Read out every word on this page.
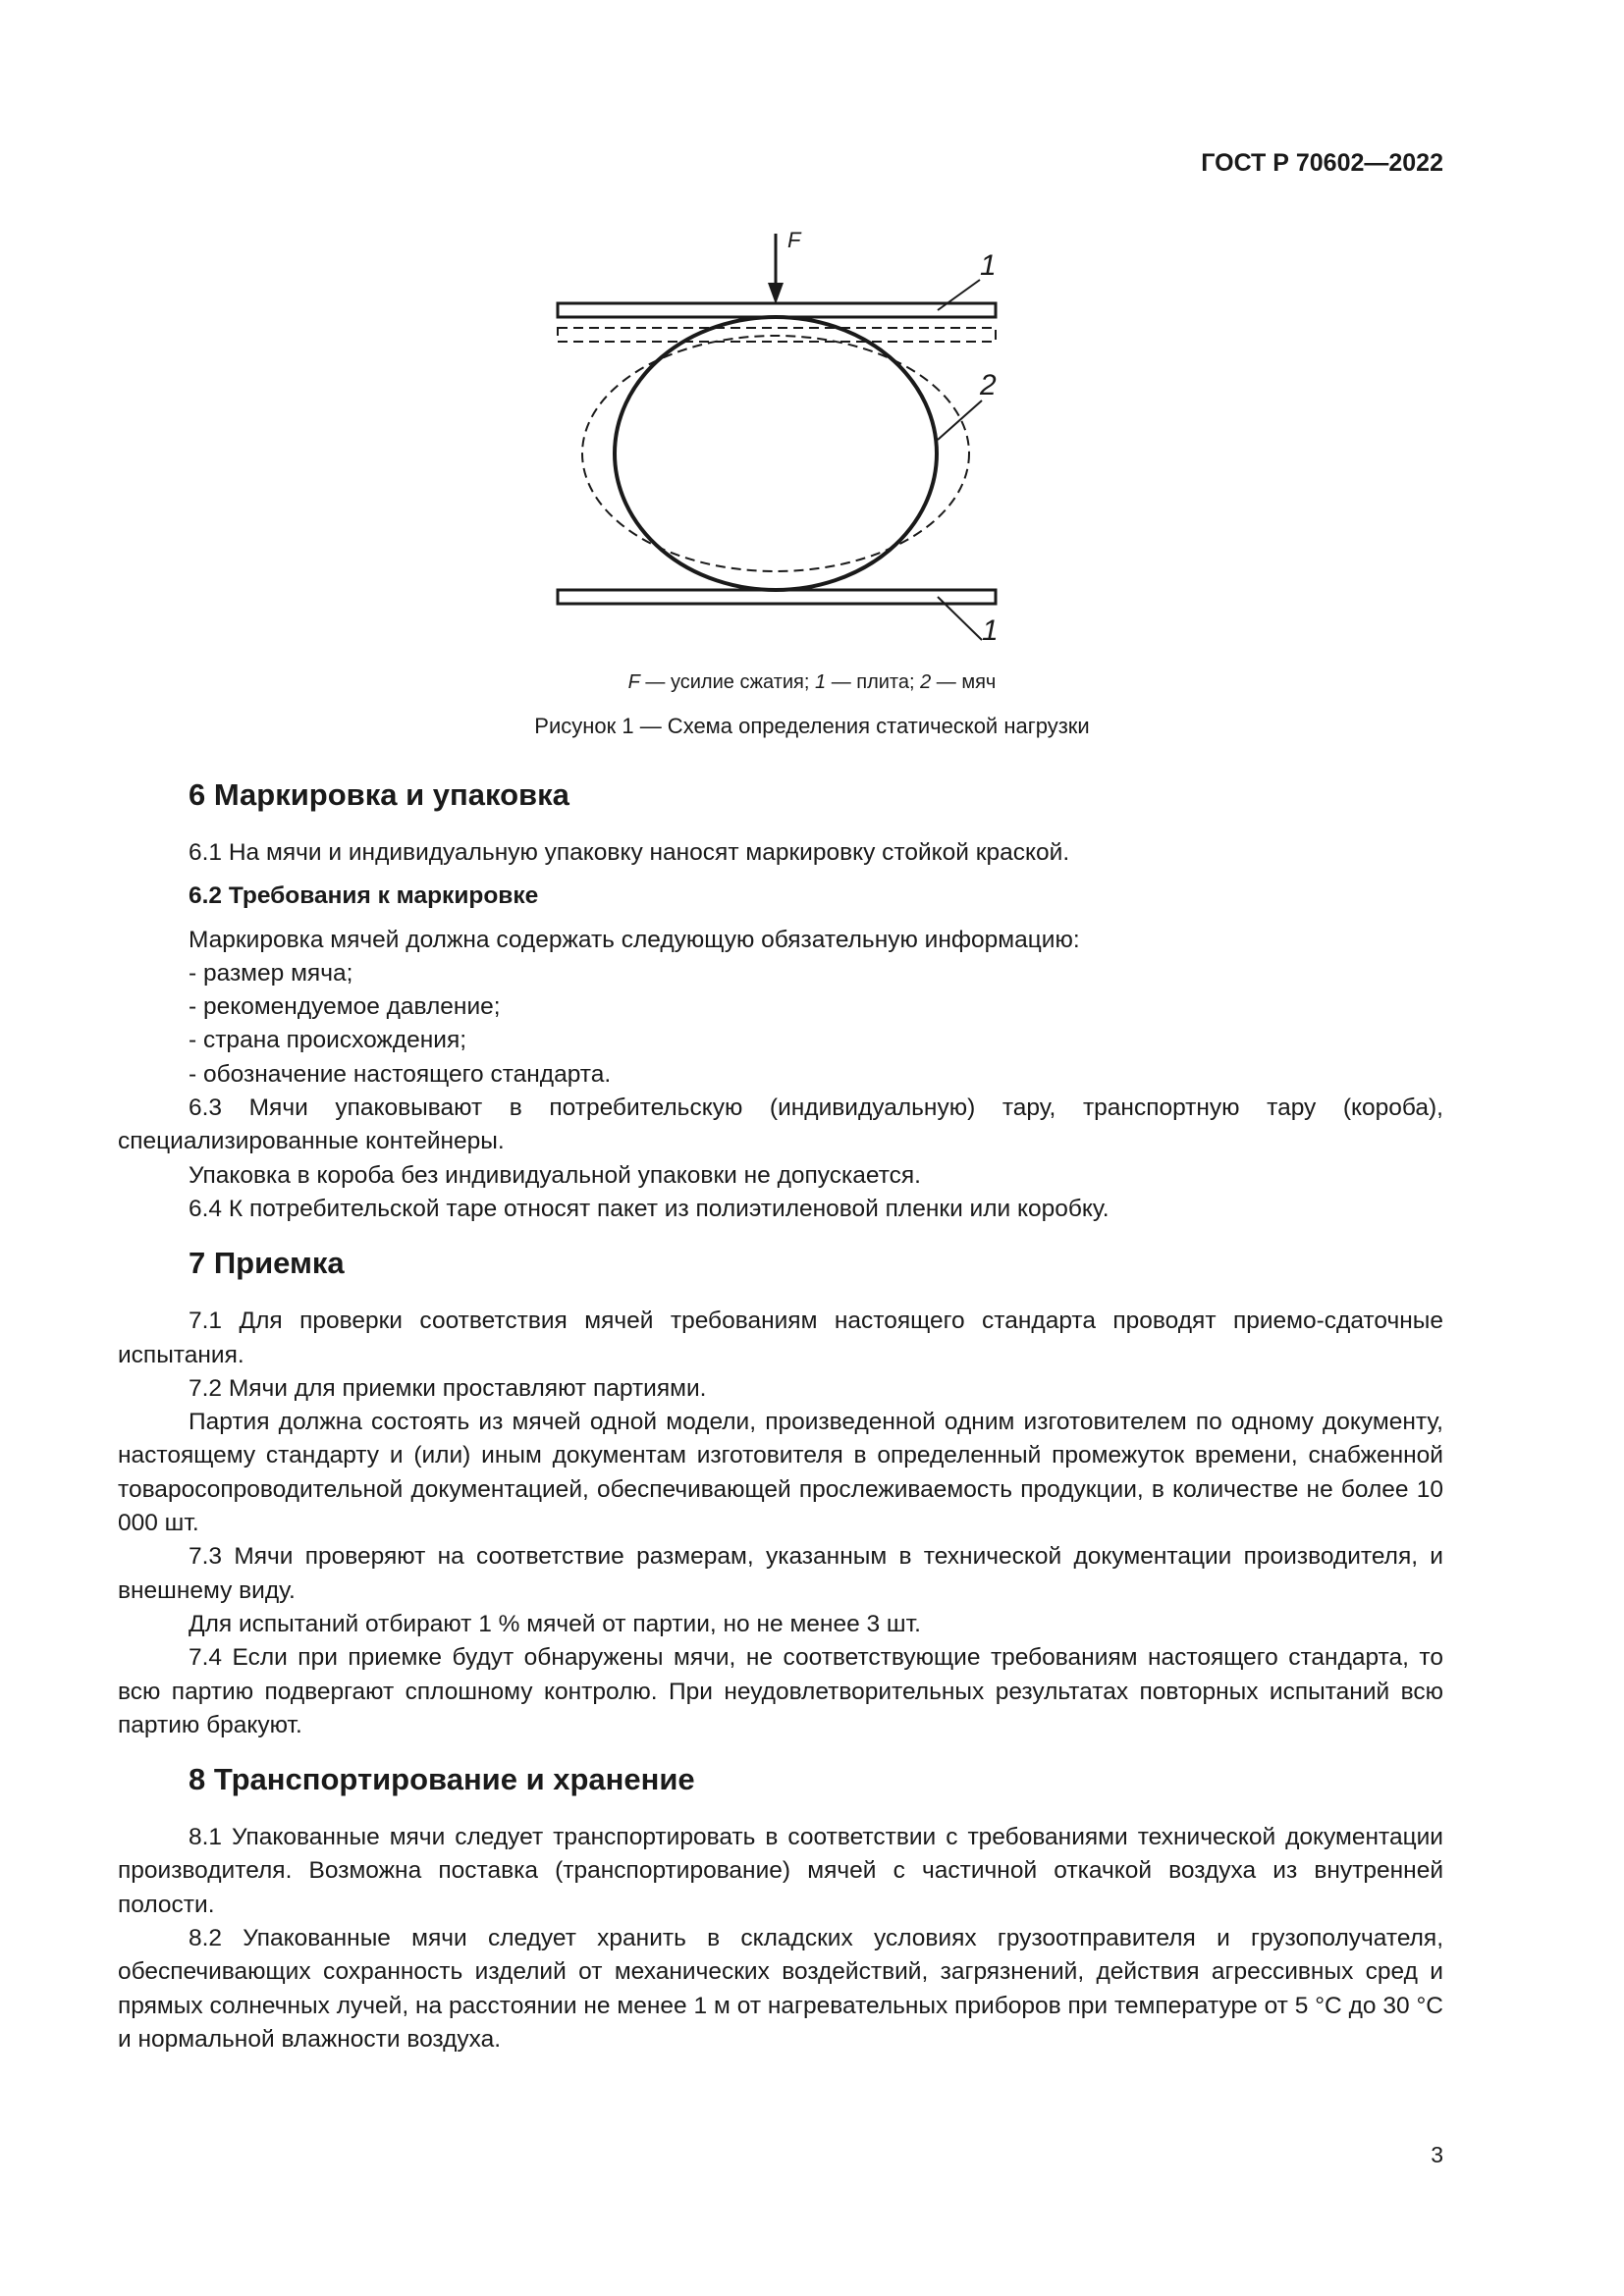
ГОСТ Р 70602—2022
F
1
2
1
F — усилие сжатия; 1 — плита; 2 — мяч
Рисунок 1 — Схема определения статической нагрузки
6 Маркировка и упаковка

6.1 На мячи и индивидуальную упаковку наносят маркировку стойкой краской.

6.2 Требования к маркировке

Маркировка мячей должна содержать следующую обязательную информацию:

- размер мяча;

- рекомендуемое давление;

- страна происхождения;

- обозначение настоящего стандарта.

6.3 Мячи упаковывают в потребительскую (индивидуальную) тару, транспортную тару (короба), специализированные контейнеры.

Упаковка в короба без индивидуальной упаковки не допускается.

6.4 К потребительской таре относят пакет из полиэтиленовой пленки или коробку.

7 Приемка

7.1 Для проверки соответствия мячей требованиям настоящего стандарта проводят приемо-сдаточные испытания.

7.2 Мячи для приемки проставляют партиями.

Партия должна состоять из мячей одной модели, произведенной одним изготовителем по одному документу, настоящему стандарту и (или) иным документам изготовителя в определенный промежуток времени, снабженной товаросопроводительной документацией, обеспечивающей прослеживаемость продукции, в количестве не более 10 000 шт.

7.3 Мячи проверяют на соответствие размерам, указанным в технической документации производителя, и внешнему виду.

Для испытаний отбирают 1 % мячей от партии, но не менее 3 шт.

7.4 Если при приемке будут обнаружены мячи, не соответствующие требованиям настоящего стандарта, то всю партию подвергают сплошному контролю. При неудовлетворительных результатах повторных испытаний всю партию бракуют.

8 Транспортирование и хранение

8.1 Упакованные мячи следует транспортировать в соответствии с требованиями технической документации производителя. Возможна поставка (транспортирование) мячей с частичной откачкой воздуха из внутренней полости.

8.2 Упакованные мячи следует хранить в складских условиях грузоотправителя и грузополучателя, обеспечивающих сохранность изделий от механических воздействий, загрязнений, действия агрессивных сред и прямых солнечных лучей, на расстоянии не менее 1 м от нагревательных приборов при температуре от 5 °С до 30 °С и нормальной влажности воздуха.

3
